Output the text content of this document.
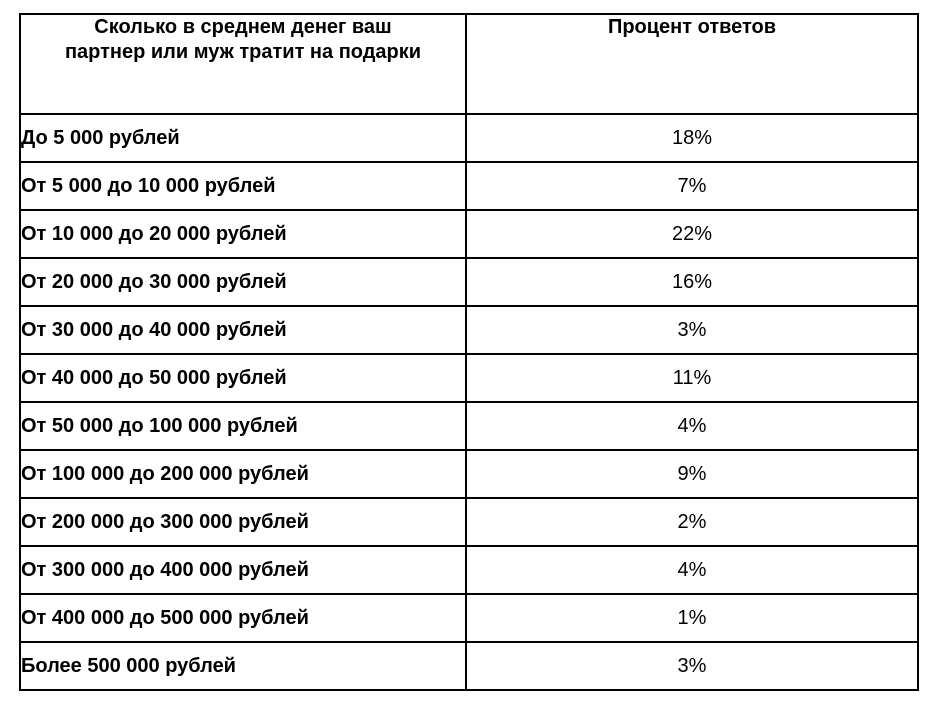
Сколько в среднем денег ваш партнер или муж тратит на подарки	Процент ответов
До 5 000 рублей	18%
От 5 000 до 10 000 рублей	7%
От 10 000 до 20 000 рублей	22%
От 20 000 до 30 000 рублей	16%
От 30 000 до 40 000 рублей	3%
От 40 000 до 50 000 рублей	11%
От 50 000 до 100 000 рублей	4%
От 100 000 до 200 000 рублей	9%
От 200 000 до 300 000 рублей	2%
От 300 000 до 400 000 рублей	4%
От 400 000 до 500 000 рублей	1%
Более 500 000 рублей	3%
